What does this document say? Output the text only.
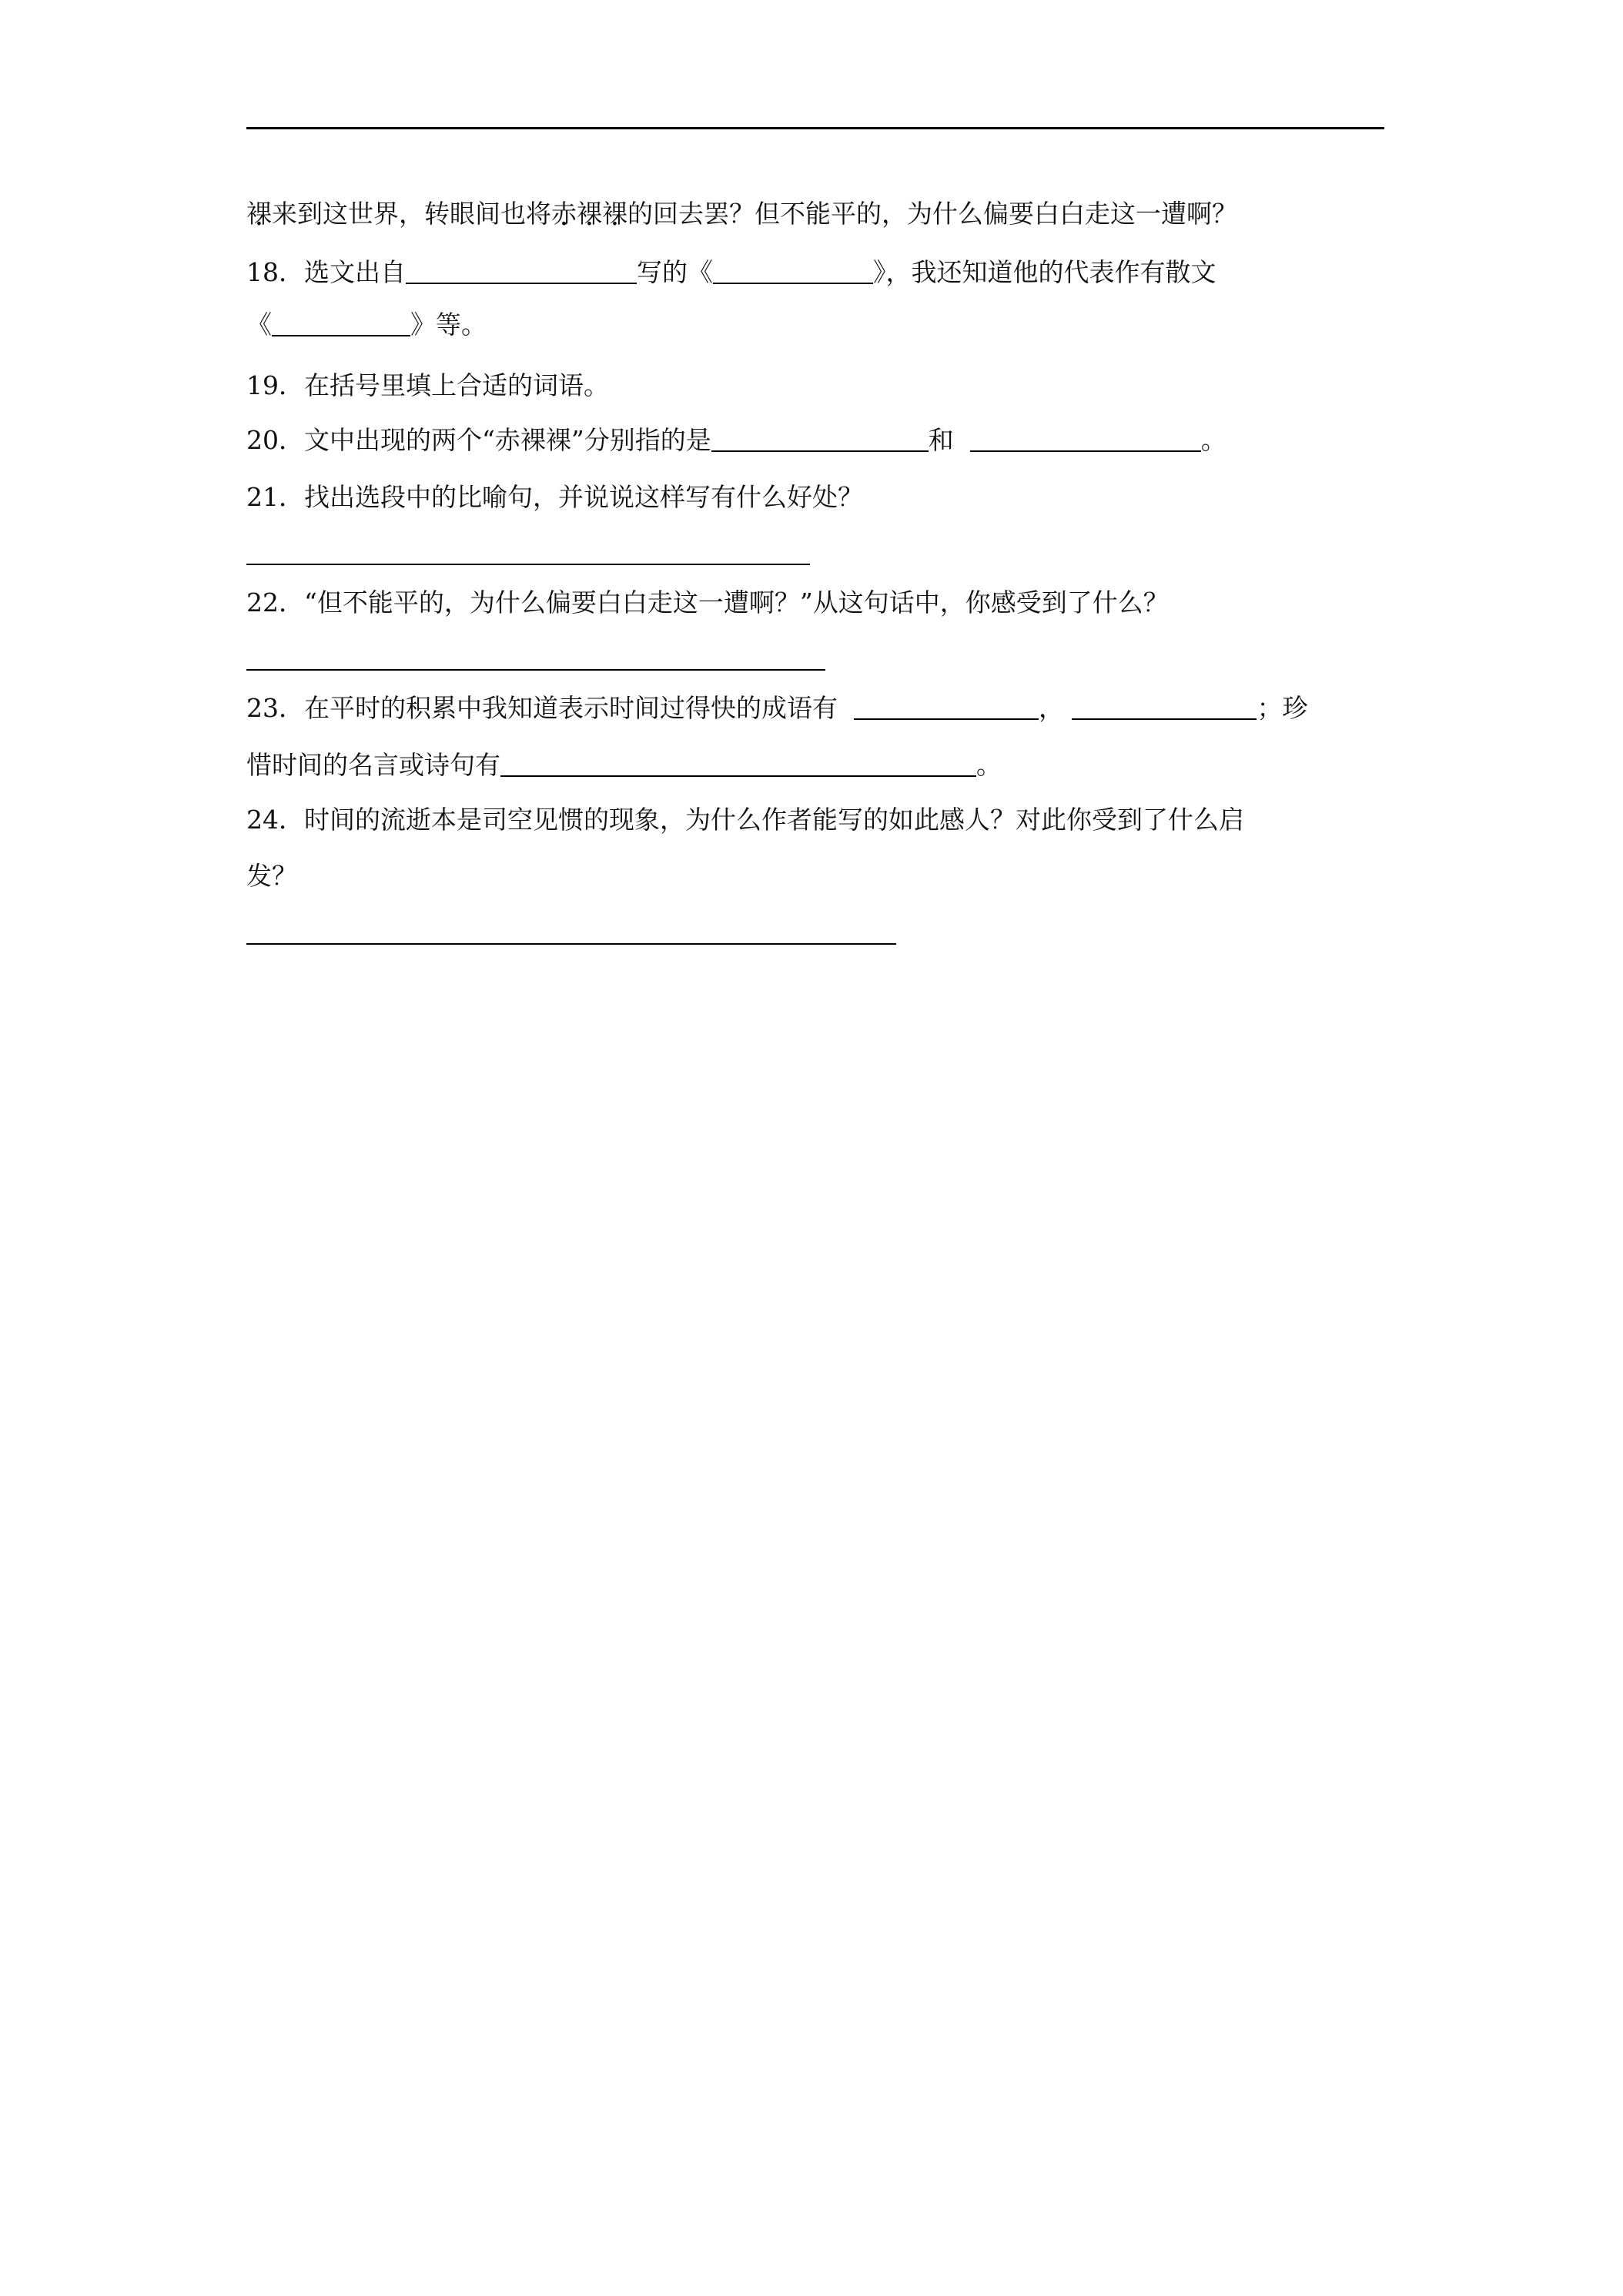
裸来到这世界，转眼间也将赤裸裸的回去罢？但不能平的，为什么偏要白白走这一遭啊？
18．选文出自	写的《	》，我还知道他的代表作有散文
《	》等。
19．在括号里填上合适的词语。
20．文中出现的两个“赤裸裸”分别指的是	和	。
21．找出选段中的比喻句，并说说这样写有什么好处？
22．“但不能平的，为什么偏要白白走这一遭啊？”从这句话中，你感受到了什么？
23．在平时的积累中我知道表示时间过得快的成语有	，	；珍
惜时间的名言或诗句有	。
24．时间的流逝本是司空见惯的现象，为什么作者能写的如此感人？对此你受到了什么启
发？
